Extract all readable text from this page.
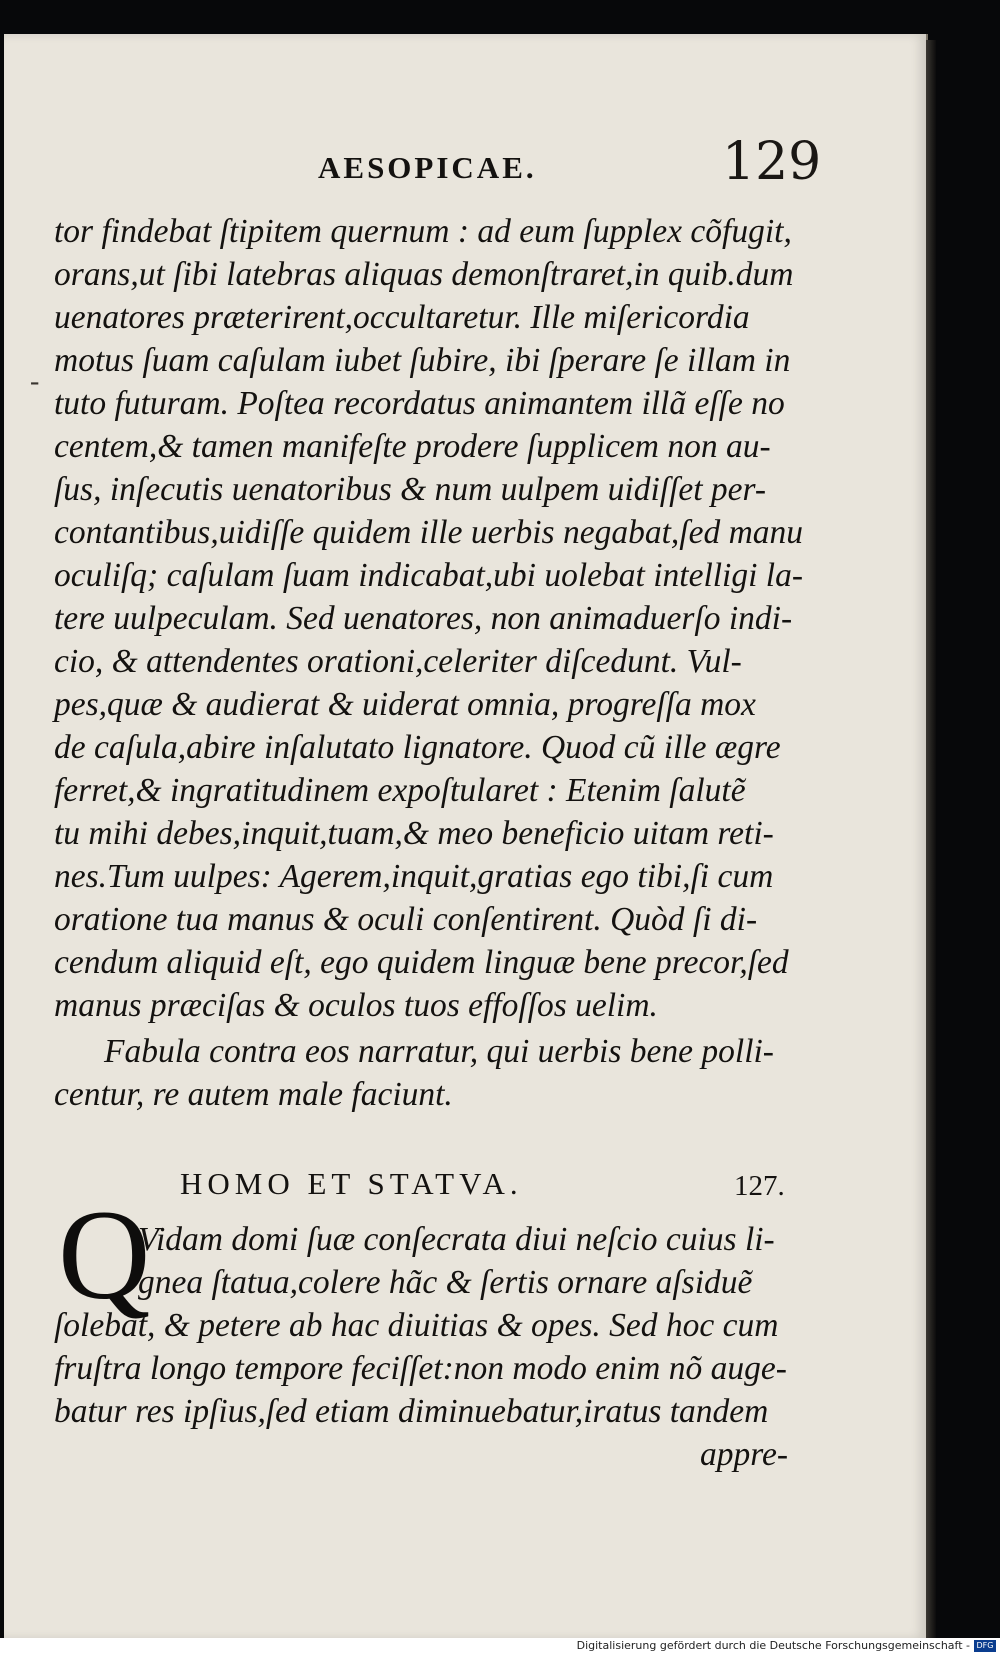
AESOPICAE.	129
-
tor findebat ſtipitem quernum : ad eum ſupplex cõfugit,
orans,ut ſibi latebras aliquas demonſtraret,in quib.dum
uenatores præterirent,occultaretur. Ille miſericordia
motus ſuam caſulam iubet ſubire, ibi ſperare ſe illam in
tuto futuram. Poſtea recordatus animantem illã eſſe no
centem,& tamen manifeſte prodere ſupplicem non au-
ſus, inſecutis uenatoribus & num uulpem uidiſſet per-
contantibus,uidiſſe quidem ille uerbis negabat,ſed manu
oculiſq; caſulam ſuam indicabat,ubi uolebat intelligi la-
tere uulpeculam. Sed uenatores, non animaduerſo indi-
cio, & attendentes orationi,celeriter diſcedunt. Vul-
pes,quæ & audierat & uiderat omnia, progreſſa mox
de caſula,abire inſalutato lignatore. Quod cũ ille ægre
ferret,& ingratitudinem expoſtularet : Etenim ſalutẽ
tu mihi debes,inquit,tuam,& meo beneficio uitam reti-
nes.Tum uulpes: Agerem,inquit,gratias ego tibi,ſi cum
oratione tua manus & oculi conſentirent. Quòd ſi di-
cendum aliquid eſt, ego quidem linguæ bene precor,ſed
manus præciſas & oculos tuos effoſſos uelim.
Fabula contra eos narratur, qui uerbis bene polli-
centur, re autem male faciunt.
Vidam domi ſuæ conſecrata diui neſcio cuius li-
gnea ſtatua,colere hãc & ſertis ornare aſsiduẽ
ſolebat, & petere ab hac diuitias & opes. Sed hoc cum
fruſtra longo tempore feciſſet:non modo enim nõ auge-
batur res ipſius,ſed etiam diminuebatur,iratus tandem
appre-
HOMO ET STATVA.	127.
Q
Digitalisierung gefördert durch die Deutsche Forschungsgemeinschaft - DFG
